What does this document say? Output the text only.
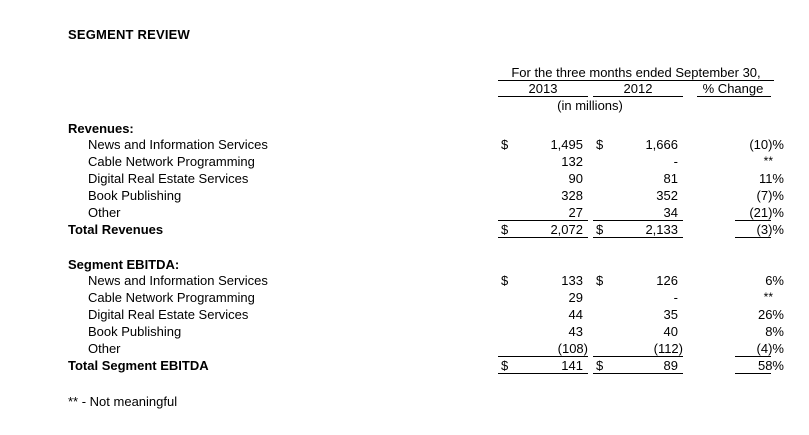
SEGMENT REVIEW
For the three months ended September 30,
2013	2012	% Change
(in millions)
Revenues:
News and Information Services	$	1,495 $	1,666	(10)%
Cable Network Programming	132	-	**
Digital Real Estate Services	90	81	11%
Book Publishing	328	352	(7)%
Other	27	34	(21)%
Total Revenues	$	2,072 $	2,133	(3)%
Segment EBITDA:
News and Information Services	$	133 $	126	6%
Cable Network Programming	29	-	**
Digital Real Estate Services	44	35	26%
Book Publishing	43	40	8%
Other	(108)	(112)	(4)%
Total Segment EBITDA	$	141 $	89	58%
** - Not meaningful
